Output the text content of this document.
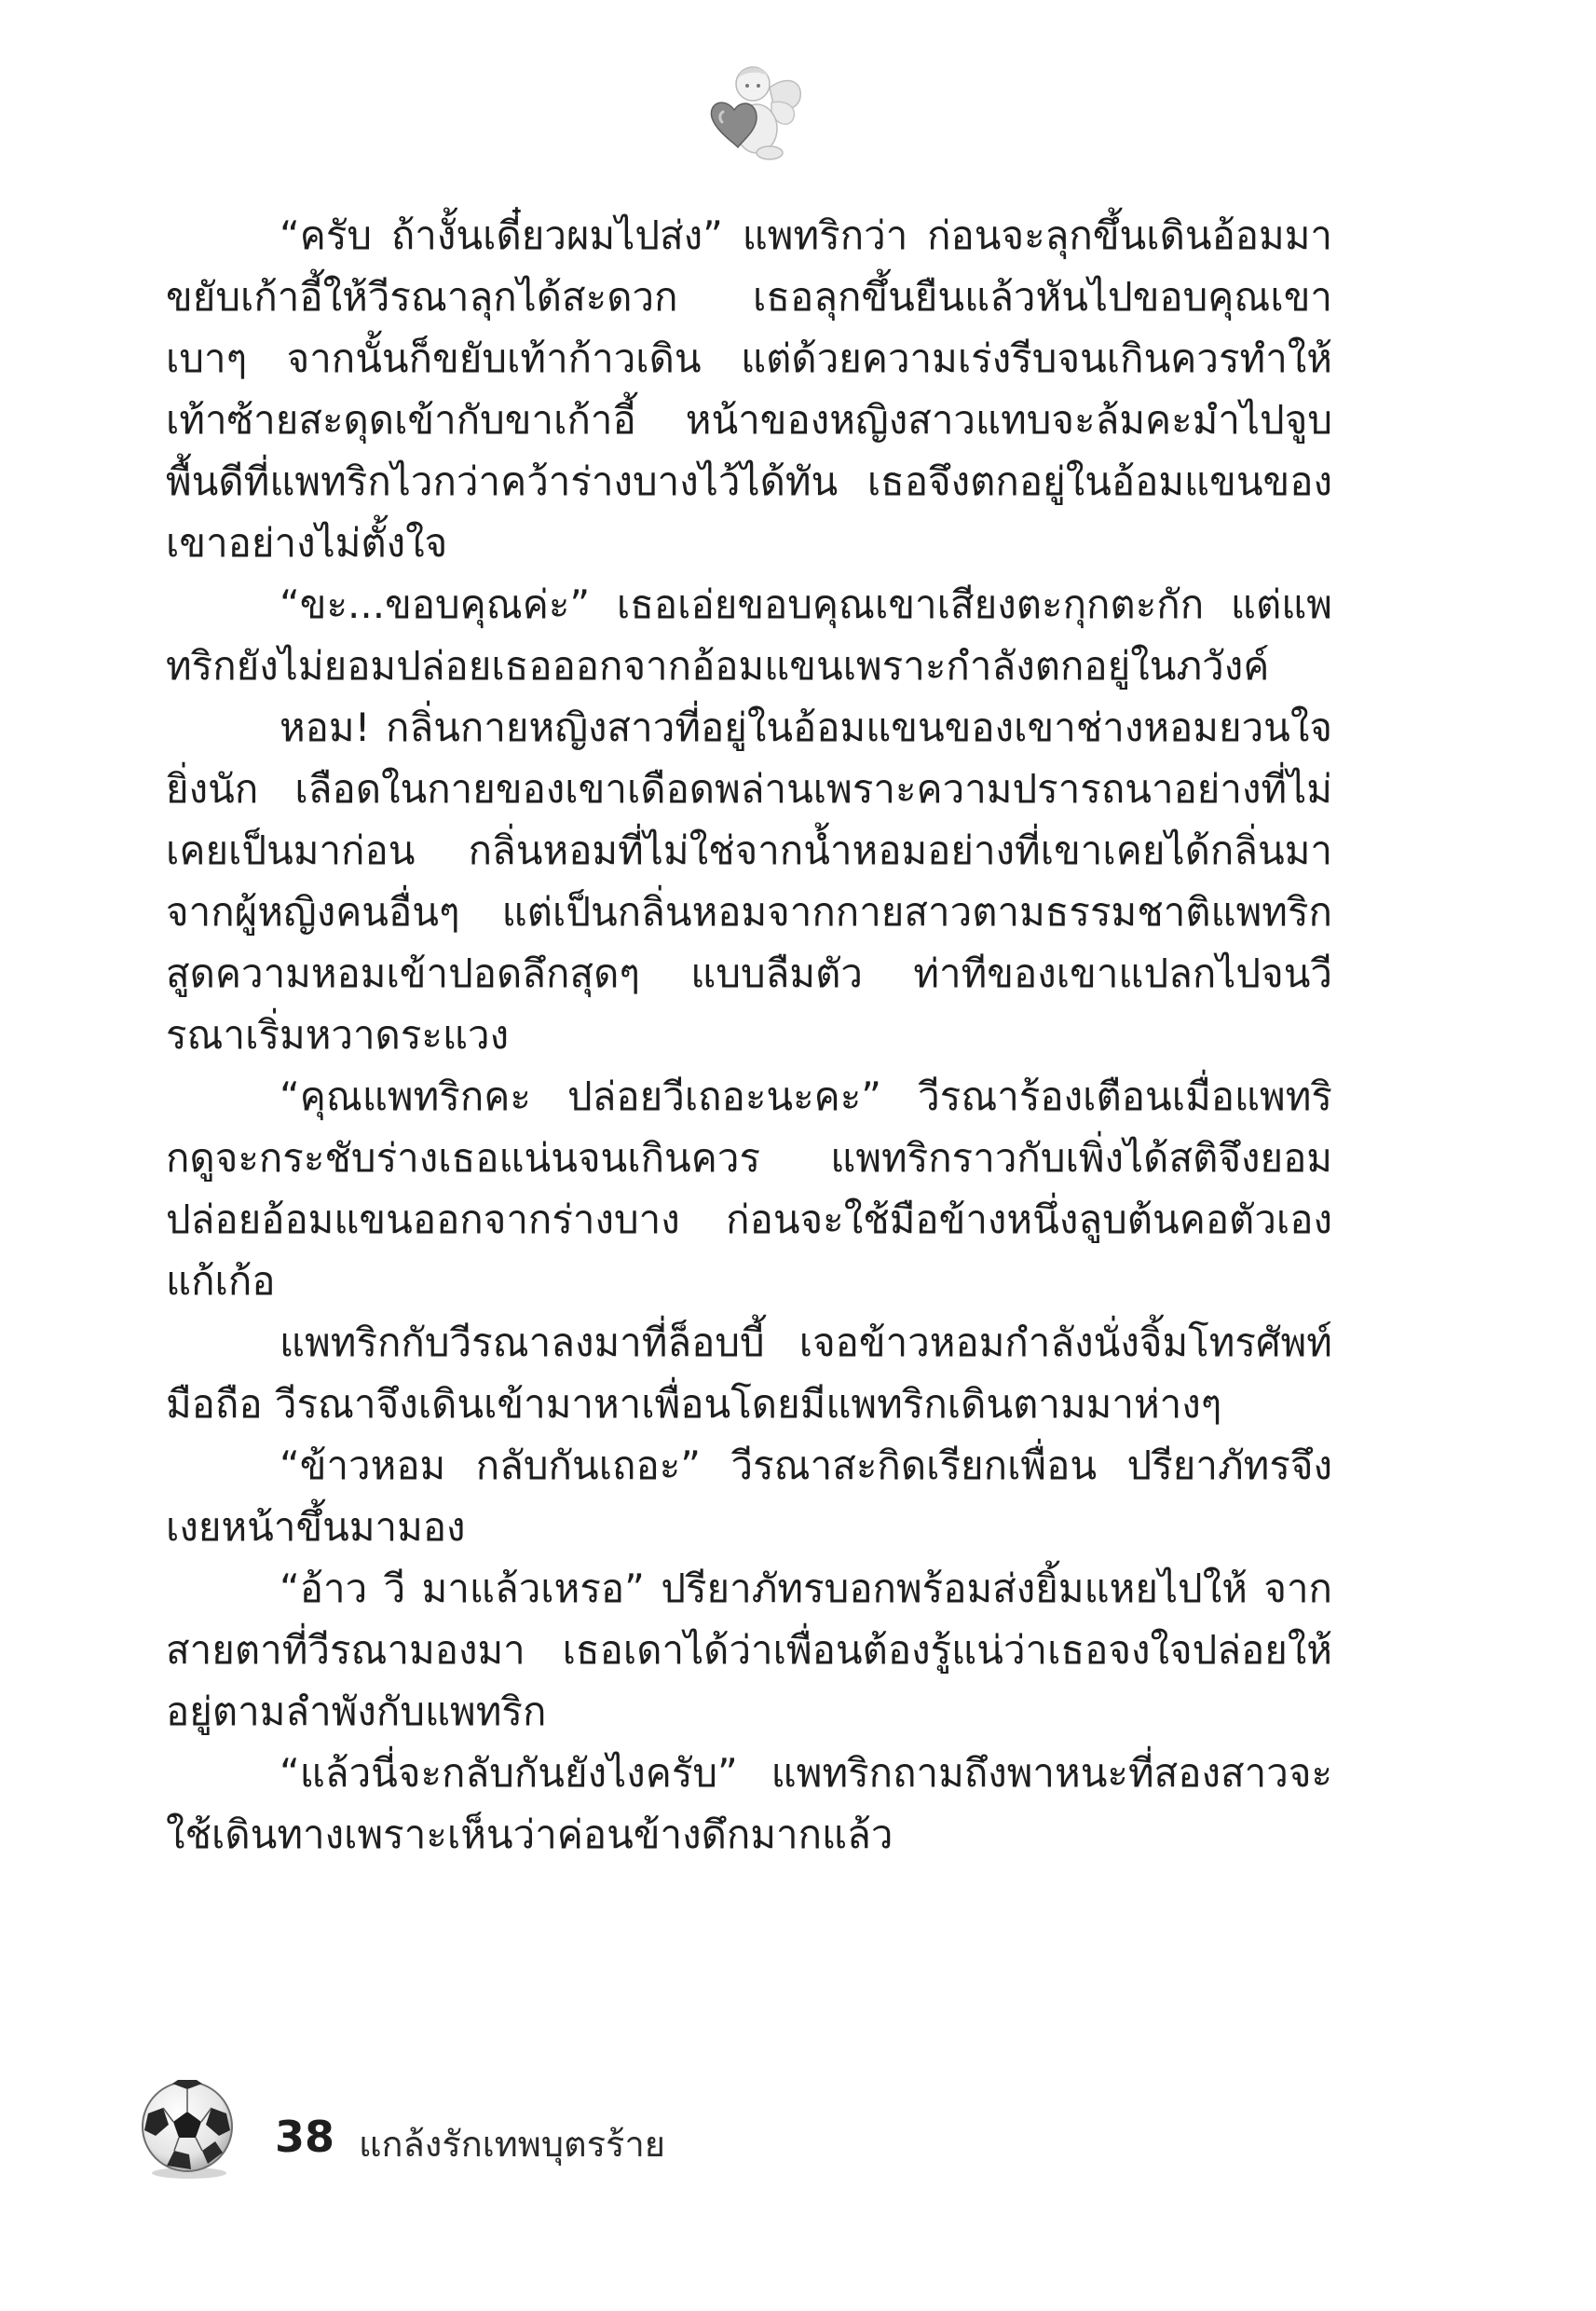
“ครับ ถ้างั้นเดี๋ยวผมไปส่ง” แพทริกว่า ก่อนจะลุกขึ้นเดินอ้อมมาขยับเก้าอี้ให้วีรณาลุกได้สะดวก เธอลุกขึ้นยืนแล้วหันไปขอบคุณเขาเบาๆ จากนั้นก็ขยับเท้าก้าวเดิน แต่ด้วยความเร่งรีบจนเกินควรทำให้เท้าซ้ายสะดุดเข้ากับขาเก้าอี้ หน้าของหญิงสาวแทบจะล้มคะมำไปจูบพื้นดีที่แพทริกไวกว่าคว้าร่างบางไว้ได้ทัน เธอจึงตกอยู่ในอ้อมแขนของเขาอย่างไม่ตั้งใจ

“ขะ...ขอบคุณค่ะ” เธอเอ่ยขอบคุณเขาเสียงตะกุกตะกัก แต่แพทริกยังไม่ยอมปล่อยเธอออกจากอ้อมแขนเพราะกำลังตกอยู่ในภวังค์

หอม! กลิ่นกายหญิงสาวที่อยู่ในอ้อมแขนของเขาช่างหอมยวนใจยิ่งนัก เลือดในกายของเขาเดือดพล่านเพราะความปรารถนาอย่างที่ไม่เคยเป็นมาก่อน กลิ่นหอมที่ไม่ใช่จากน้ำหอมอย่างที่เขาเคยได้กลิ่นมาจากผู้หญิงคนอื่นๆ แต่เป็นกลิ่นหอมจากกายสาวตามธรรมชาติแพทริกสูดความหอมเข้าปอดลึกสุดๆ แบบลืมตัว ท่าทีของเขาแปลกไปจนวีรณาเริ่มหวาดระแวง

“คุณแพทริกคะ ปล่อยวีเถอะนะคะ” วีรณาร้องเตือนเมื่อแพทริกดูจะกระชับร่างเธอแน่นจนเกินควร แพทริกราวกับเพิ่งได้สติจึงยอมปล่อยอ้อมแขนออกจากร่างบาง ก่อนจะใช้มือข้างหนึ่งลูบต้นคอตัวเองแก้เก้อ

แพทริกกับวีรณาลงมาที่ล็อบบี้ เจอข้าวหอมกำลังนั่งจิ้มโทรศัพท์มือถือ วีรณาจึงเดินเข้ามาหาเพื่อนโดยมีแพทริกเดินตามมาห่างๆ

“ข้าวหอม กลับกันเถอะ” วีรณาสะกิดเรียกเพื่อน ปรียาภัทรจึงเงยหน้าขึ้นมามอง

“อ้าว วี มาแล้วเหรอ” ปรียาภัทรบอกพร้อมส่งยิ้มแหยไปให้ จากสายตาที่วีรณามองมา เธอเดาได้ว่าเพื่อนต้องรู้แน่ว่าเธอจงใจปล่อยให้อยู่ตามลำพังกับแพทริก

“แล้วนี่จะกลับกันยังไงครับ” แพทริกถามถึงพาหนะที่สองสาวจะใช้เดินทางเพราะเห็นว่าค่อนข้างดึกมากแล้ว

38 แกล้งรักเทพบุตรร้าย
